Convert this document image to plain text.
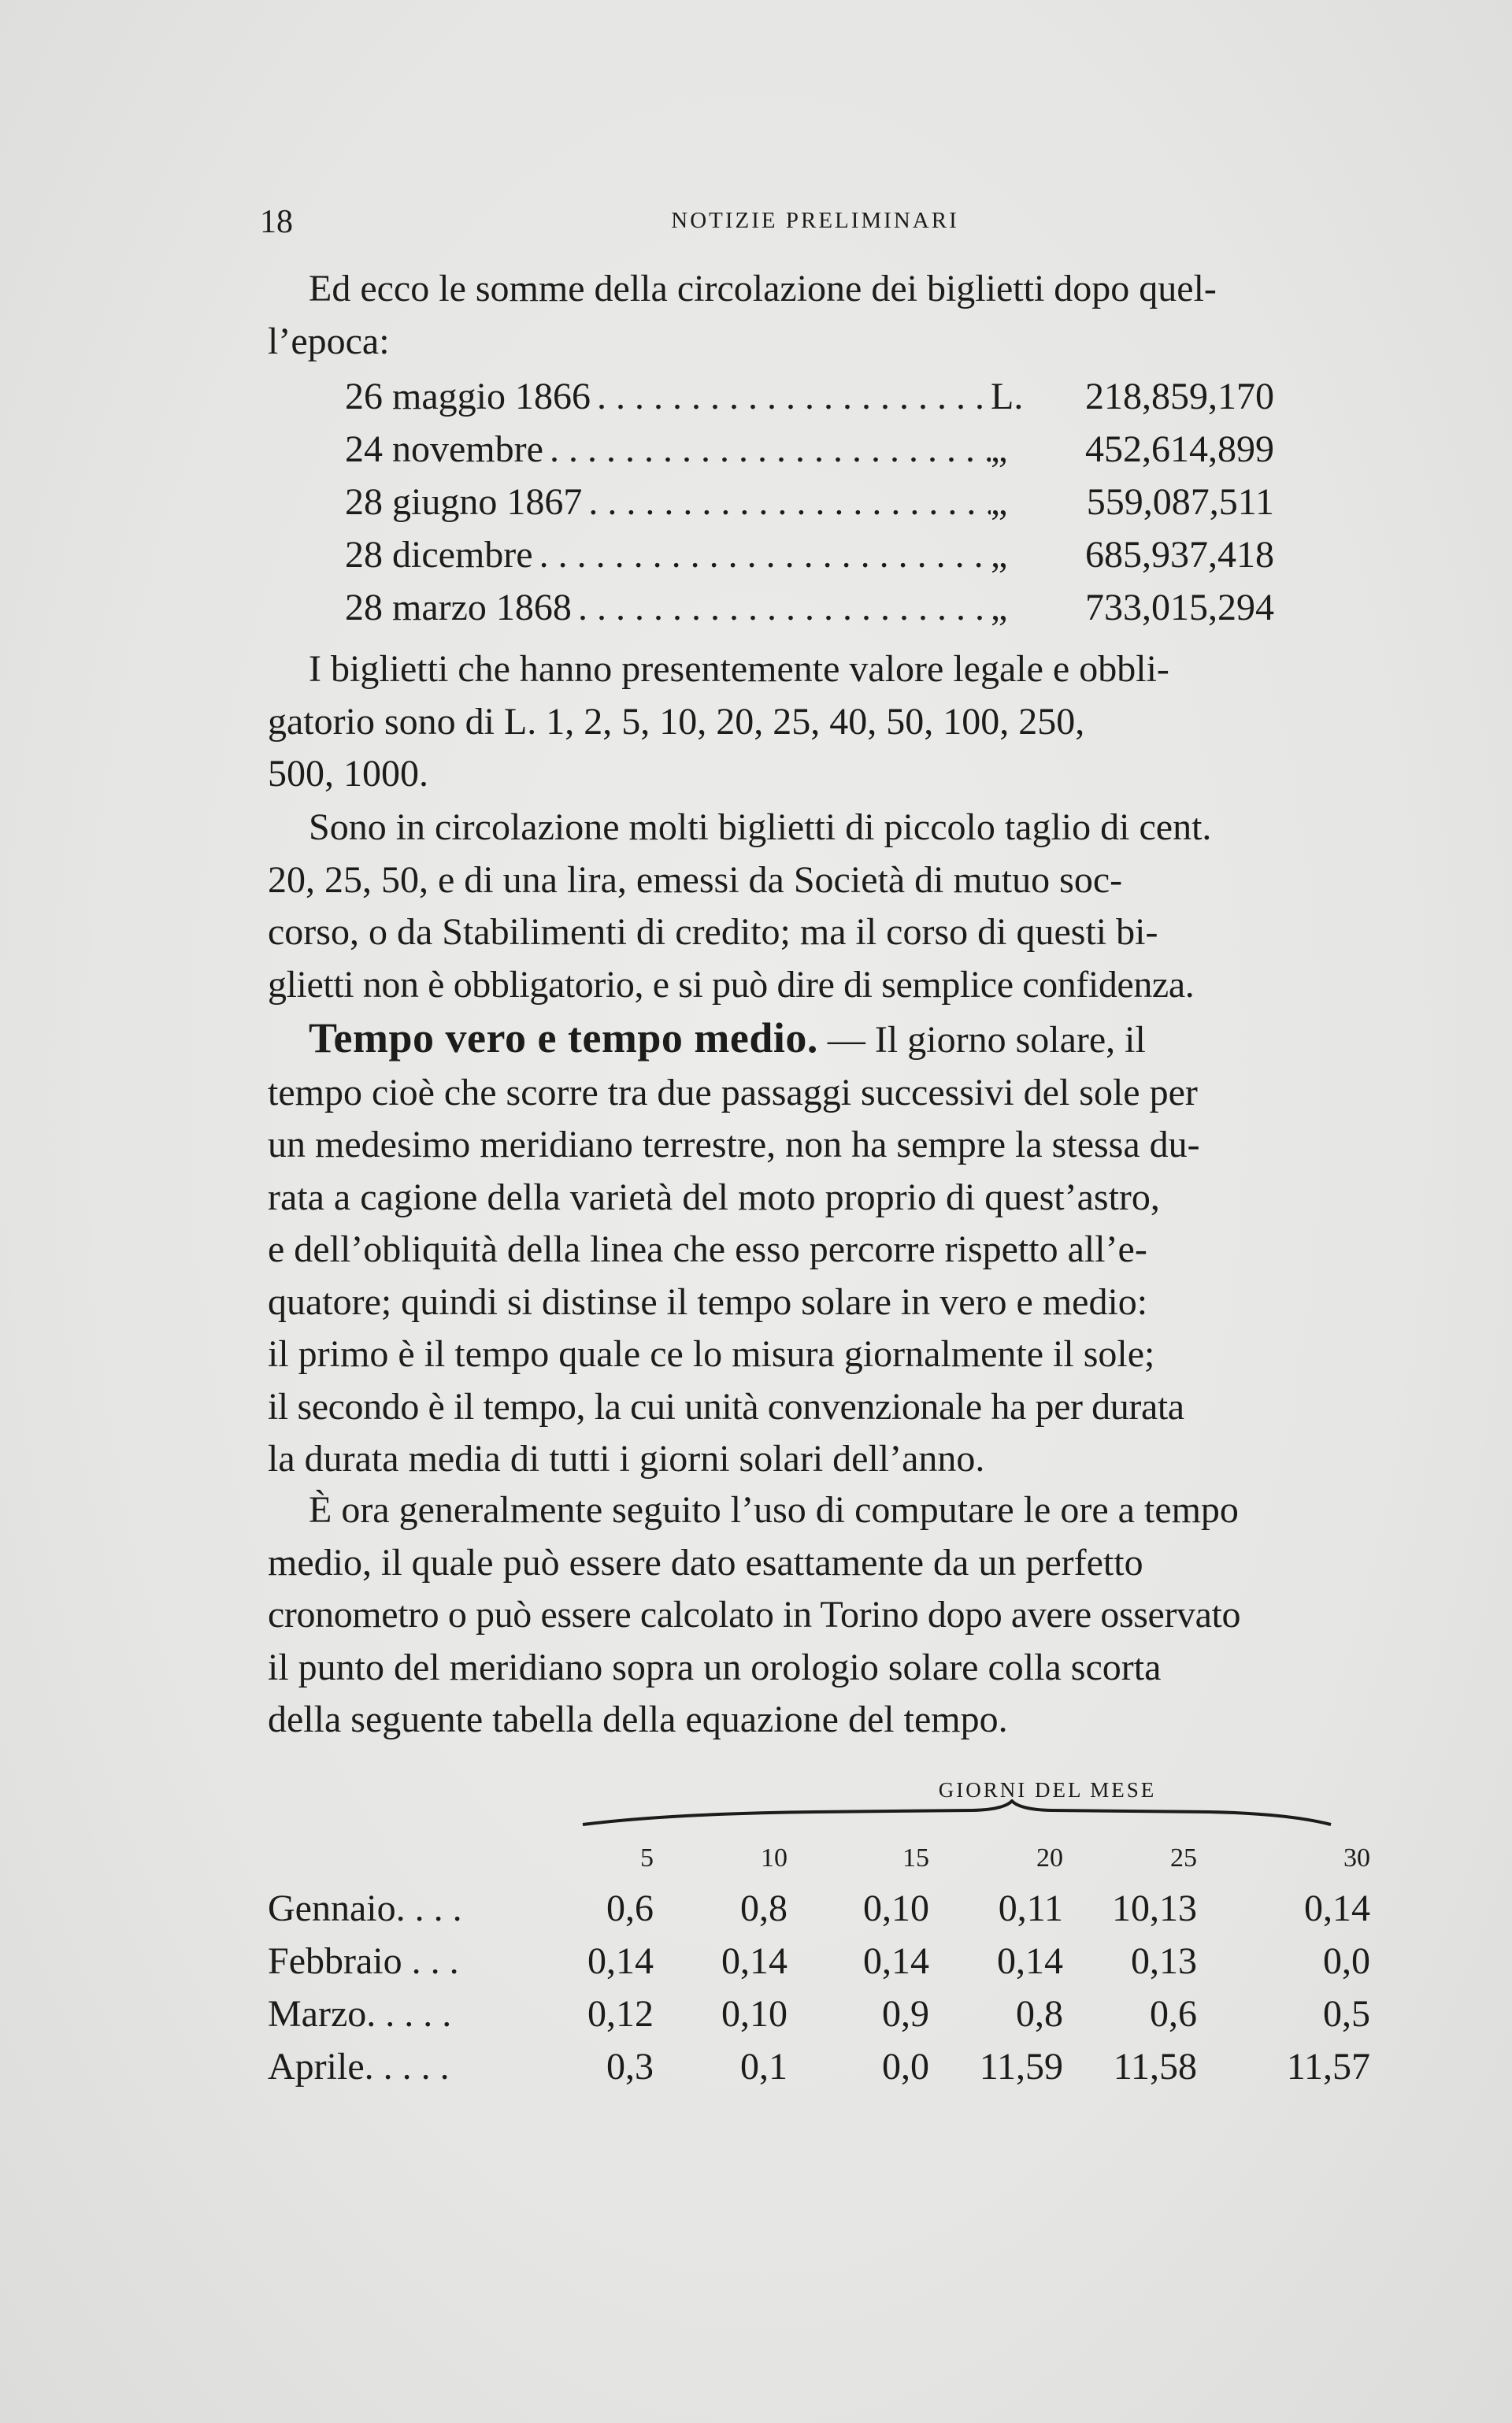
18	NOTIZIE PRELIMINARI

Ed ecco le somme della circolazione dei biglietti dopo quel-
l’epoca:

26 maggio 1866 . . .	L.	218,859,170
24 novembre . . .	„	452,614,899
28 giugno 1867 . . .	„	559,087,511
28 dicembre . . .	„	685,937,418
28 marzo 1868 . . .	„	733,015,294

I biglietti che hanno presentemente valore legale e obbli-
gatorio sono di L. 1, 2, 5, 10, 20, 25, 40, 50, 100, 250,
500, 1000.

Sono in circolazione molti biglietti di piccolo taglio di cent.
20, 25, 50, e di una lira, emessi da Società di mutuo soc-
corso, o da Stabilimenti di credito; ma il corso di questi bi-
glietti non è obbligatorio, e si può dire di semplice confidenza.

Tempo vero e tempo medio. — Il giorno solare, il
tempo cioè che scorre tra due passaggi successivi del sole per
un medesimo meridiano terrestre, non ha sempre la stessa du-
rata a cagione della varietà del moto proprio di quest’astro,
e dell’obliquità della linea che esso percorre rispetto all’e-
quatore; quindi si distinse il tempo solare in vero e medio:
il primo è il tempo quale ce lo misura giornalmente il sole;
il secondo è il tempo, la cui unità convenzionale ha per durata
la durata media di tutti i giorni solari dell’anno.

È ora generalmente seguito l’uso di computare le ore a tempo
medio, il quale può essere dato esattamente da un perfetto
cronometro o può essere calcolato in Torino dopo avere osservato
il punto del meridiano sopra un orologio solare colla scorta
della seguente tabella della equazione del tempo.

GIORNI DEL MESE
5	10	15	20	25	30
Gennaio. . . .	0,6	0,8	0,10	0,11	10,13	0,14
Febbraio . . .	0,14	0,14	0,14	0,14	0,13	0,0
Marzo. . . . .	0,12	0,10	0,9	0,8	0,6	0,5
Aprile. . . . .	0,3	0,1	0,0	11,59	11,58	11,57
